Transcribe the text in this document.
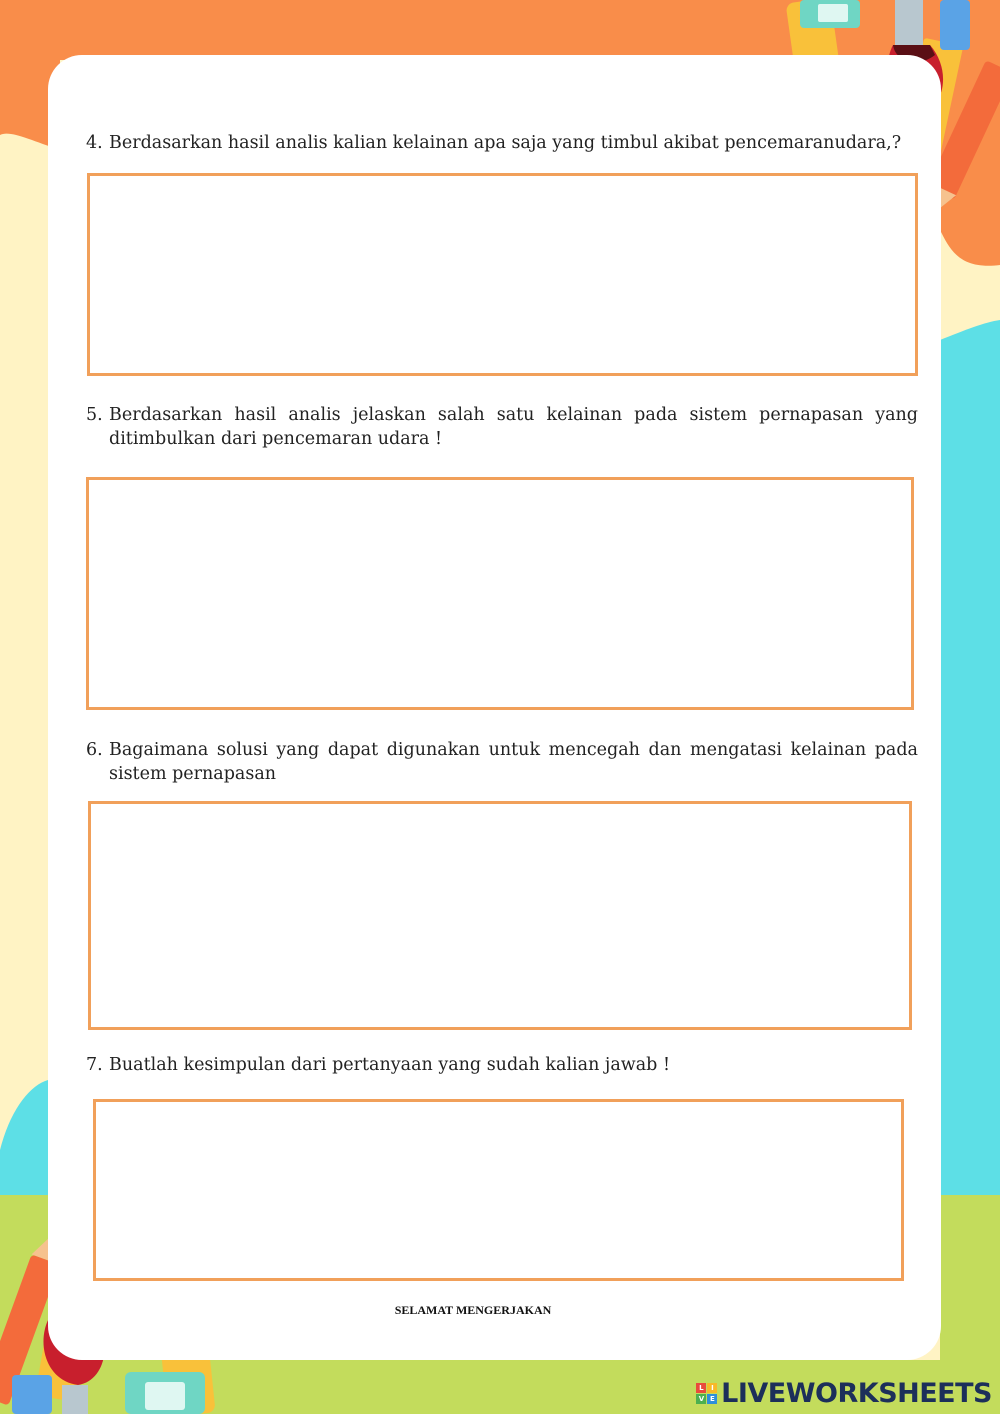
4. Berdasarkan hasil analis kalian kelainan apa saja yang timbul akibat pencemaranudara,?
5. Berdasarkan hasil analis jelaskan salah satu kelainan pada sistem pernapasan yang ditimbulkan dari pencemaran udara !
6. Bagaimana solusi yang dapat digunakan untuk mencegah dan mengatasi kelainan pada sistem pernapasan
7. Buatlah kesimpulan dari pertanyaan yang sudah kalian jawab !
SELAMAT MENGERJAKAN
L	I
V E LIVEWORKSHEETS
